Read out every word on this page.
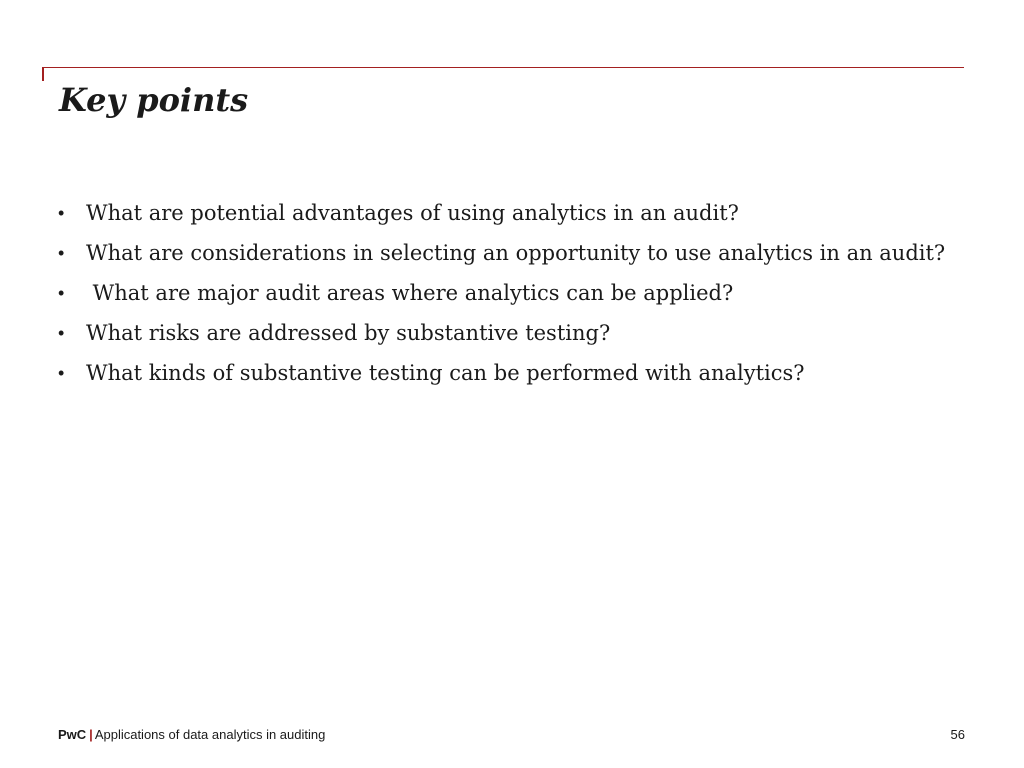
Key points
•	What are potential advantages of using analytics in an audit?
•	What are considerations in selecting an opportunity to use analytics in an audit?
•	What are major audit areas where analytics can be applied?
•	What risks are addressed by substantive testing?
•	What kinds of substantive testing can be performed with analytics?
PwC | Applications of data analytics in auditing	56
